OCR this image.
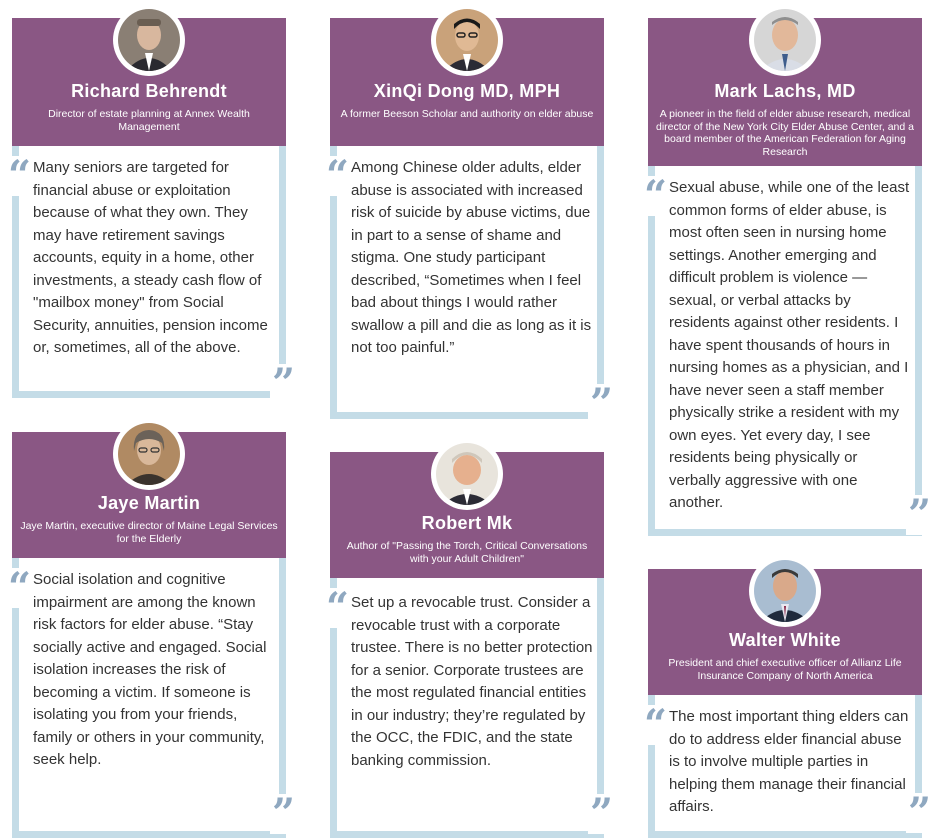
Richard Behrendt
Director of estate planning at Annex Wealth Management
Many seniors are targeted for financial abuse or exploitation because of what they own. They may have retirement savings accounts, equity in a home, other investments, a steady cash flow of "mailbox money" from Social Security, annuities, pension income or, sometimes, all of the above.
“
”
XinQi Dong MD, MPH
A former Beeson Scholar and authority on elder abuse
Among Chinese older adults, elder abuse is associated with increased risk of suicide by abuse victims, due in part to a sense of shame and stigma. One study participant described, “Sometimes when I feel bad about things I would rather swallow a pill and die as long as it is not too painful.”
“
”
Mark Lachs, MD
A pioneer in the field of elder abuse research, medical director of the New York City Elder Abuse Center, and a board member of the American Federation for Aging Research
Sexual abuse, while one of the least common forms of elder abuse, is most often seen in nursing home settings. Another emerging and difficult problem is violence — sexual, or verbal attacks by residents against other residents. I have spent thousands of hours in nursing homes as a physician, and I have never seen a staff member physically strike a resident with my own eyes. Yet every day, I see residents being physically or verbally aggressive with one another.
“
”
Jaye Martin
Jaye Martin, executive director of Maine Legal Services for the Elderly
Social isolation and cognitive impairment are among the known risk factors for elder abuse. “Stay socially active and engaged. Social isolation increases the risk of becoming a victim. If someone is isolating you from your friends, family or others in your community, seek help.
“
”
Robert Mk
Author of "Passing the Torch, Critical Conversations with your Adult Children"
Set up a revocable trust. Consider a revocable trust with a corporate trustee. There is no better protection for a senior. Corporate trustees are the most regulated financial entities in our industry; they’re regulated by the OCC, the FDIC, and the state banking commission.
“
”
Walter White
President and chief executive officer of Allianz Life Insurance Company of North America
The most important thing elders can do to address elder financial abuse is to involve multiple parties in helping them manage their financial affairs.
“
”
